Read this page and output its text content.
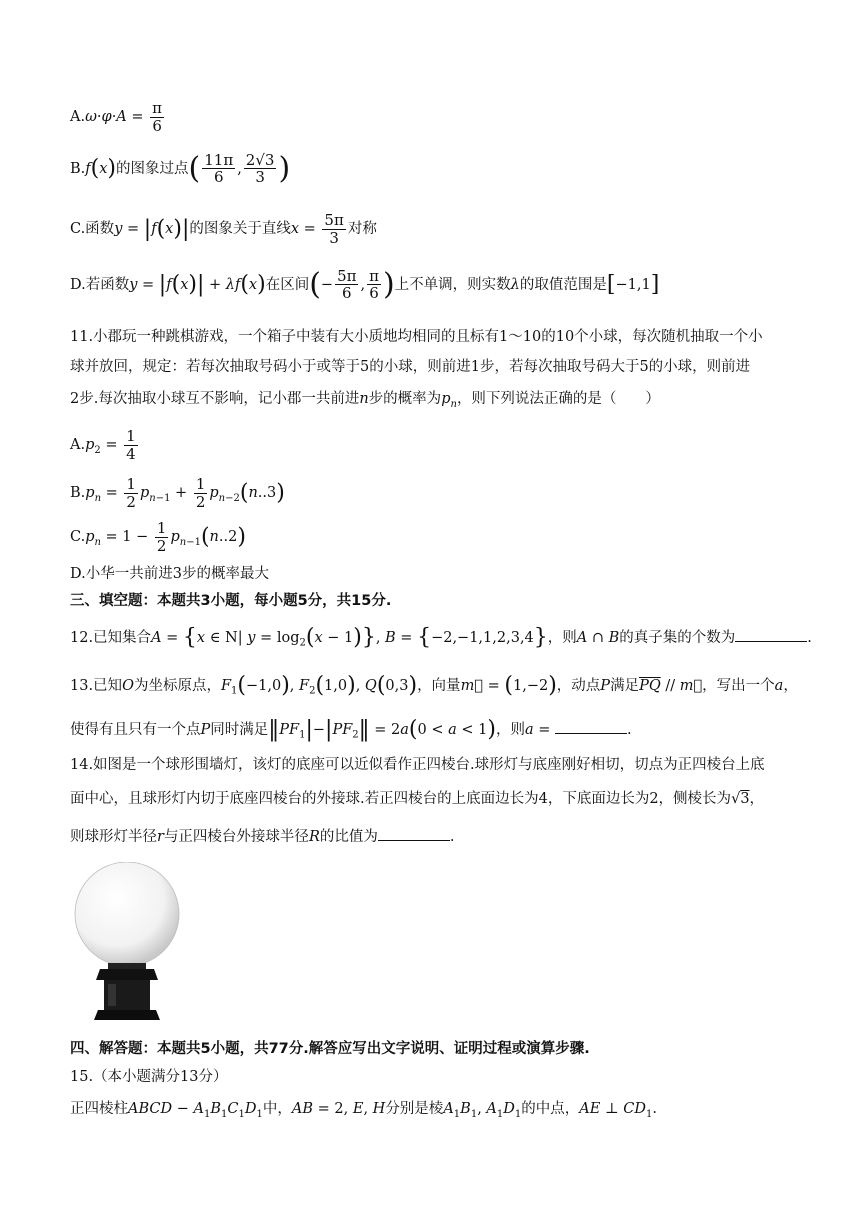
$A.\omega\cdot\varphi\cdot A = \frac{\pi}{6}$
B.f(x)的图象过点( $\frac{11\pi}{6}$ , $\frac{2√3}{3}$ )
C.函数y = |f(x)|的图象关于直线$x = \frac{5\pi}{3}$ 对称
D.若函数y = |f(x)| + λf(x)在区间(− $\frac{5\pi}{6}$ , $\frac{\pi}{6}$ )上不单调，则实数λ的取值范围是[−1,1]
11.小郡玩一种跳棋游戏，一个箱子中装有大小质地均相同的且标有1～10的10个小球，每次随机抽取一个小
球并放回，规定：若每次抽取号码小于或等于5的小球，则前进1步，若每次抽取号码大于5的小球，则前进
2步.每次抽取小球互不影响，记小郡一共前进n步的概率为$p_n$，则下列说法正确的是（　　）
$A.p_2 = \frac{1}{4}$
$B.p_n = \frac{1}{2} p_{n-1} + \frac{1}{2} p_{n-2}(n..3)$
$C.p_n = 1 - \frac{1}{2} p_{n-1}(n..2)$
D.小华一共前进3步的概率最大
三、填空题：本题共3小题，每小题5分，共15分.
12.已知集合A = {x ∈ N| $y = \log_2(x - 1)$}, B = {−2,−1,1,2,3,4}，则A ∩ B的真子集的个数为	.
13.已知O为坐标原点，$F_1(-1,0)$, $F_2(1,0)$, Q(0,3)，向量m⃗ = (1,−2)，动点P满足$\overline{PQ}$ // m⃗，写出一个a，
使得有且只有一个点P同时满足$‖PF_1|-|PF_2‖ = 2a(0 < a < 1)$，则a =	.
14.如图是一个球形围墙灯，该灯的底座可以近似看作正四棱台.球形灯与底座刚好相切，切点为正四棱台上底
面中心，且球形灯内切于底座四棱台的外接球.若正四棱台的上底面边长为4，下底面边长为2，侧棱长为√3，
则球形灯半径r与正四棱台外接球半径R的比值为	.
四、解答题：本题共5小题，共77分.解答应写出文字说明、证明过程或演算步骤.
15.（本小题满分13分）
正四棱柱ABCD − $A_1B_1C_1D_1$中，AB = 2, E, H分别是棱$A_1B_1$, $A_1D_1$的中点，AE ⊥ $CD_1$.
